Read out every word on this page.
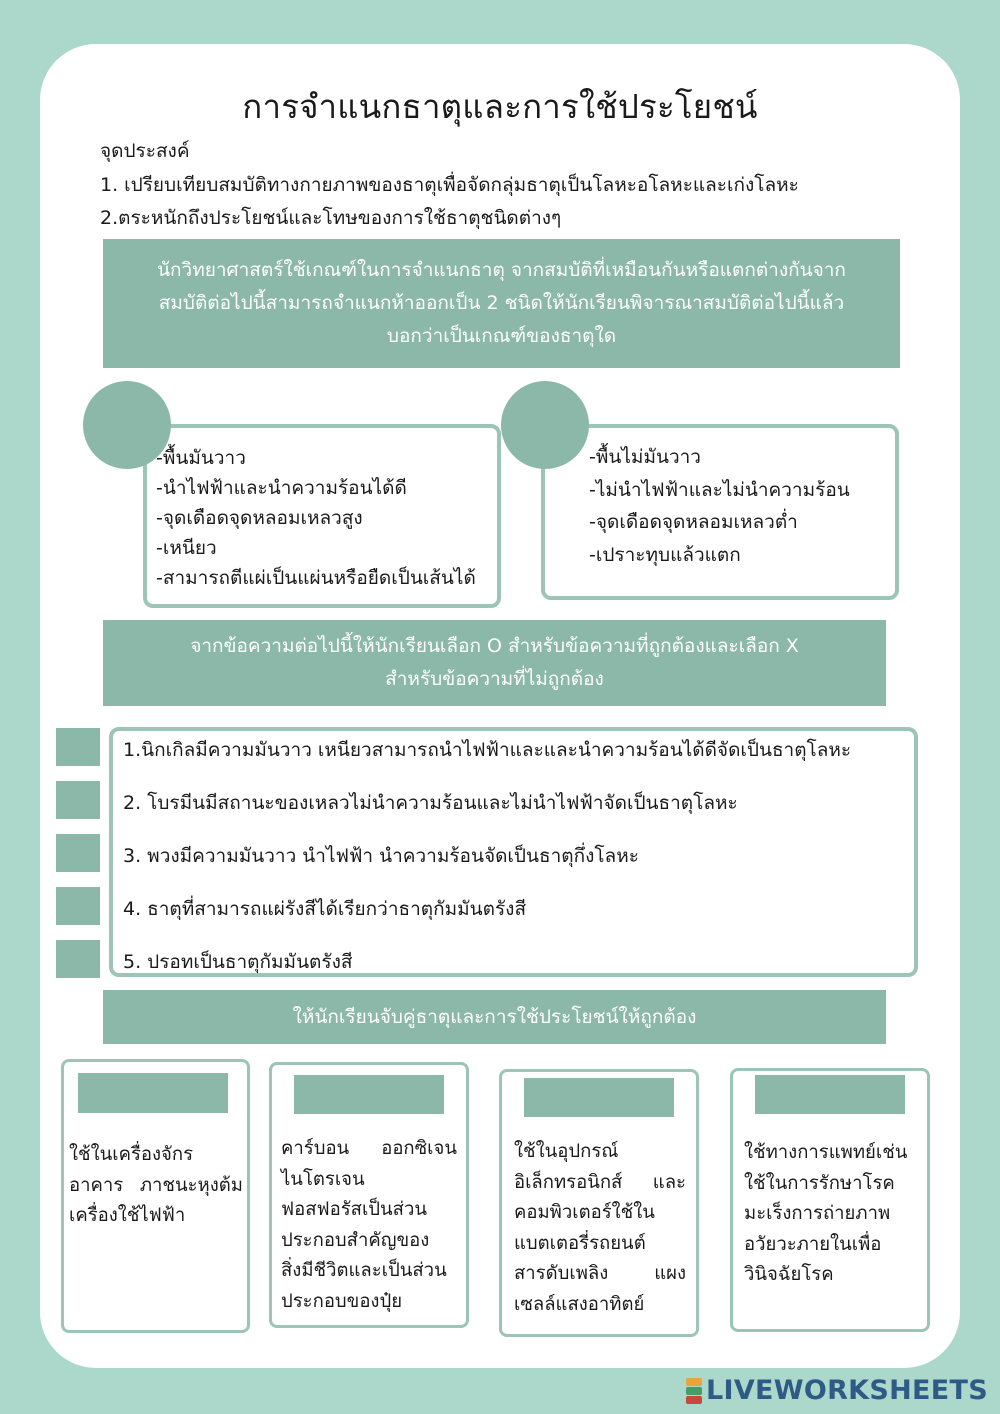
การจำแนกธาตุและการใช้ประโยชน์
จุดประสงค์
1. เปรียบเทียบสมบัติทางกายภาพของธาตุเพื่อจัดกลุ่มธาตุเป็นโลหะอโลหะและเก่งโลหะ
2.ตระหนักถึงประโยชน์และโทษของการใช้ธาตุชนิดต่างๆ
นักวิทยาศาสตร์ใช้เกณฑ์ในการจำแนกธาตุ จากสมบัติที่เหมือนกันหรือแตกต่างกันจาก
สมบัติต่อไปนี้สามารถจำแนกห้าออกเป็น 2 ชนิดให้นักเรียนพิจารณาสมบัติต่อไปนี้แล้ว
บอกว่าเป็นเกณฑ์ของธาตุใด
-พื้นมันวาว
-นำไฟฟ้าและนำความร้อนได้ดี
-จุดเดือดจุดหลอมเหลวสูง
-เหนียว
-สามารถตีแผ่เป็นแผ่นหรือยืดเป็นเส้นได้
-พื้นไม่มันวาว
-ไม่นำไฟฟ้าและไม่นำความร้อน
-จุดเดือดจุดหลอมเหลวต่ำ
-เปราะทุบแล้วแตก
จากข้อความต่อไปนี้ให้นักเรียนเลือก O สำหรับข้อความที่ถูกต้องและเลือก X
สำหรับข้อความที่ไม่ถูกต้อง
1.นิกเกิลมีความมันวาว เหนียวสามารถนำไฟฟ้าและและนำความร้อนได้ดีจัดเป็นธาตุโลหะ
2. โบรมีนมีสถานะของเหลวไม่นำความร้อนและไม่นำไฟฟ้าจัดเป็นธาตุโลหะ
3. พวงมีความมันวาว นำไฟฟ้า นำความร้อนจัดเป็นธาตุกึ่งโลหะ
4. ธาตุที่สามารถแผ่รังสีได้เรียกว่าธาตุกัมมันตรังสี
5. ปรอทเป็นธาตุกัมมันตรังสี
ให้นักเรียนจับคู่ธาตุและการใช้ประโยชน์ให้ถูกต้อง
ใช้ในเครื่องจักร
อาคาร ภาชนะหุงต้ม
เครื่องใช้ไฟฟ้า
คาร์บอน ออกซิเจน
ไนโตรเจน
ฟอสฟอรัสเป็นส่วน
ประกอบสำคัญของ
สิ่งมีชีวิตและเป็นส่วน
ประกอบของปุ๋ย
ใช้ในอุปกรณ์
อิเล็กทรอนิกส์ และ
คอมพิวเตอร์ใช้ใน
แบตเตอรี่รถยนต์
สารดับเพลิง แผง
เซลล์แสงอาทิตย์
ใช้ทางการแพทย์เช่น
ใช้ในการรักษาโรค
มะเร็งการถ่ายภาพ
อวัยวะภายในเพื่อ
วินิจฉัยโรค
LIVEWORKSHEETS
